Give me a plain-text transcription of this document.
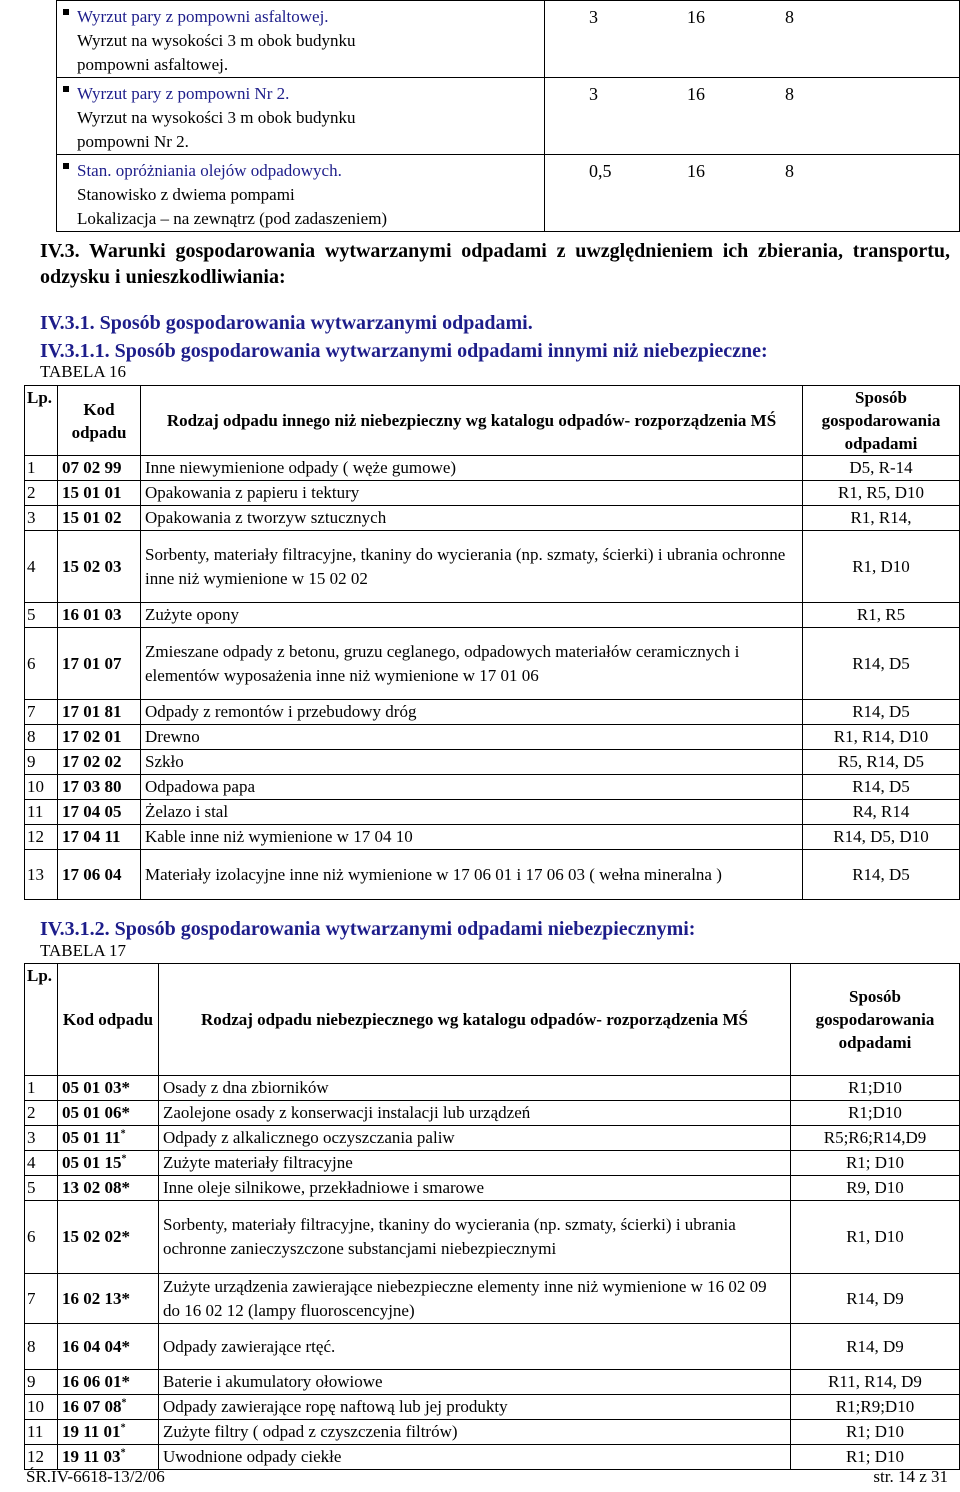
Wyrzut pary z pompowni asfaltowej.
Wyrzut na wysokości 3 m obok budynku
pompowni asfaltowej.	3	16	8

Wyrzut pary z pompowni Nr 2.
Wyrzut na wysokości 3 m obok budynku
pompowni Nr 2.	3	16	8

Stan. opróżniania olejów odpadowych.
Stanowisko z dwiema pompami
Lokalizacja – na zewnątrz (pod zadaszeniem)	0,5	16	8
IV.3. Warunki gospodarowania wytwarzanymi odpadami z uwzględnieniem ich zbierania, transportu, odzysku i unieszkodliwiania:
IV.3.1. Sposób gospodarowania wytwarzanymi odpadami.
IV.3.1.1. Sposób gospodarowania wytwarzanymi odpadami innymi niż niebezpieczne:
TABELA 16
Lp.	Kod odpadu	Rodzaj odpadu innego niż niebezpieczny wg katalogu odpadów- rozporządzenia MŚ	Sposób gospodarowania odpadami
1	07 02 99	Inne niewymienione odpady ( węże gumowe)	D5, R-14
2	15 01 01	Opakowania z papieru i tektury	R1, R5, D10
3	15 01 02	Opakowania z tworzyw sztucznych	R1, R14,
4	15 02 03	Sorbenty, materiały filtracyjne, tkaniny do wycierania (np. szmaty, ścierki) i ubrania ochronne inne niż wymienione w 15 02 02	R1, D10
5	16 01 03	Zużyte opony	R1, R5
6	17 01 07	Zmieszane odpady z betonu, gruzu ceglanego, odpadowych materiałów ceramicznych i elementów wyposażenia inne niż wymienione w 17 01 06	R14, D5
7	17 01 81	Odpady z remontów i przebudowy dróg	R14, D5
8	17 02 01	Drewno	R1, R14, D10
9	17 02 02	Szkło	R5, R14, D5
10	17 03 80	Odpadowa papa	R14, D5
11	17 04 05	Żelazo i stal	R4, R14
12	17 04 11	Kable inne niż wymienione w 17 04 10	R14, D5, D10
13	17 06 04	Materiały izolacyjne inne niż wymienione w 17 06 01 i 17 06 03 ( wełna mineralna )	R14, D5
IV.3.1.2. Sposób gospodarowania wytwarzanymi odpadami niebezpiecznymi:
TABELA 17
Lp.	Kod odpadu	Rodzaj odpadu niebezpiecznego wg katalogu odpadów- rozporządzenia MŚ	Sposób gospodarowania odpadami
1	05 01 03*	Osady z dna zbiorników	R1;D10
2	05 01 06*	Zaolejone osady z konserwacji instalacji lub urządzeń	R1;D10
3	05 01 11*	Odpady z alkalicznego oczyszczania paliw	R5;R6;R14,D9
4	05 01 15*	Zużyte materiały filtracyjne	R1; D10
5	13 02 08*	Inne oleje silnikowe, przekładniowe i smarowe	R9, D10
6	15 02 02*	Sorbenty, materiały filtracyjne, tkaniny do wycierania (np. szmaty, ścierki) i ubrania ochronne zanieczyszczone substancjami niebezpiecznymi	R1, D10
7	16 02 13*	Zużyte urządzenia zawierające niebezpieczne elementy inne niż wymienione w 16 02 09 do 16 02 12 (lampy fluoroscencyjne)	R14, D9
8	16 04 04*	Odpady zawierające rtęć.	R14, D9
9	16 06 01*	Baterie i akumulatory ołowiowe	R11, R14, D9
10	16 07 08*	Odpady zawierające ropę naftową lub jej produkty	R1;R9;D10
11	19 11 01*	Zużyte filtry ( odpad z czyszczenia filtrów)	R1; D10
12	19 11 03*	Uwodnione odpady ciekłe	R1; D10
ŚR.IV-6618-13/2/06	str. 14 z 31
